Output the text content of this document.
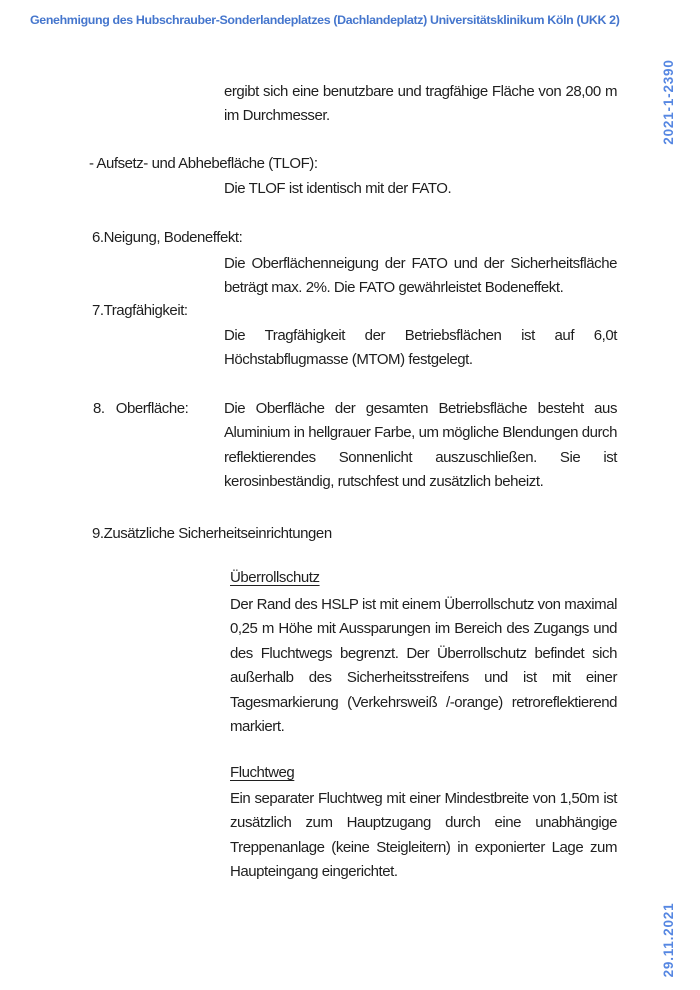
Genehmigung des Hubschrauber-Sonderlandeplatzes (Dachlandeplatz) Universitätsklinikum Köln (UKK 2)
2021-1-2390
29.11.2021
ergibt sich eine benutzbare und tragfähige Fläche von 28,00 m
im Durchmesser.
- Aufsetz- und Abhebefläche (TLOF):
Die TLOF ist identisch mit der FATO.
6.Neigung, Bodeneffekt:
Die Oberflächenneigung der FATO und der Sicherheitsfläche
beträgt max. 2%. Die FATO gewährleistet Bodeneffekt.
7.Tragfähigkeit:
Die Tragfähigkeit der Betriebsflächen ist auf 6,0t
Höchstabflugmasse (MTOM) festgelegt.
8.   Oberfläche: Die Oberfläche der gesamten Betriebsfläche besteht aus
Aluminium in hellgrauer Farbe, um mögliche Blendungen durch
reflektierendes Sonnenlicht auszuschließen. Sie ist
kerosinbeständig, rutschfest und zusätzlich beheizt.
9.Zusätzliche Sicherheitseinrichtungen
Überrollschutz
Der Rand des HSLP ist mit einem Überrollschutz von maximal
0,25 m Höhe mit Aussparungen im Bereich des Zugangs und
des Fluchtwegs begrenzt. Der Überrollschutz befindet sich
außerhalb des Sicherheitsstreifens und ist mit einer
Tagesmarkierung (Verkehrsweiß /-orange) retroreflektierend
markiert.
Fluchtweg
Ein separater Fluchtweg mit einer Mindestbreite von 1,50m ist
zusätzlich zum Hauptzugang durch eine unabhängige
Treppenanlage (keine Steigleitern) in exponierter Lage zum
Haupteingang eingerichtet.
